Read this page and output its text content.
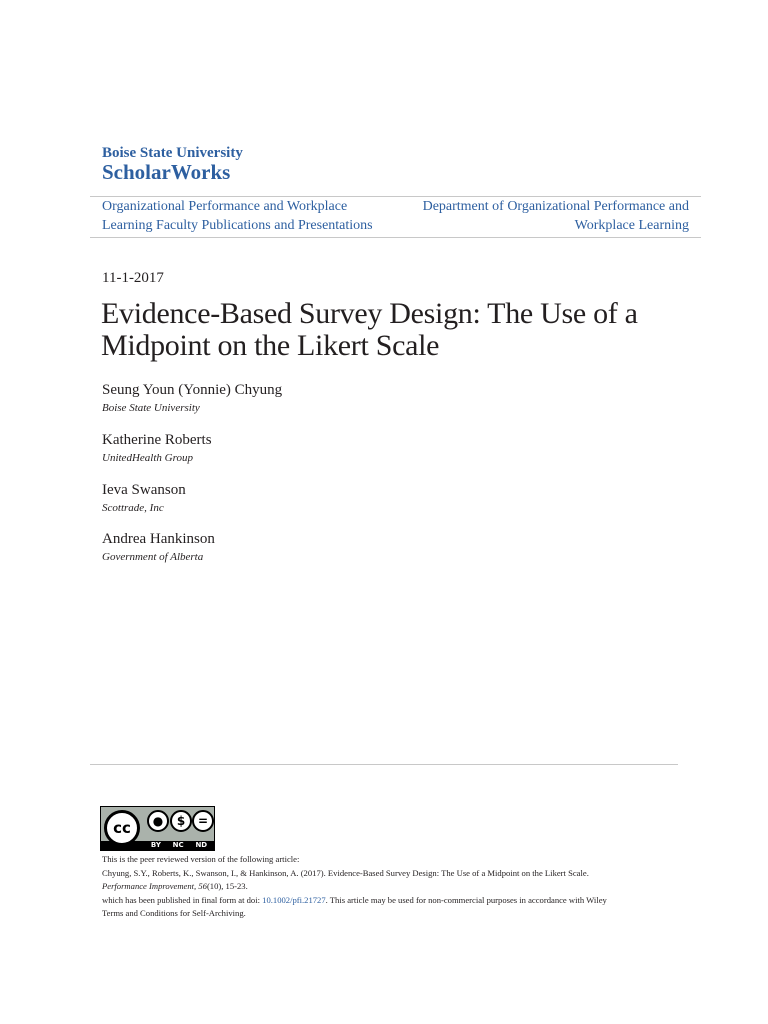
Boise State University
ScholarWorks
Organizational Performance and Workplace
Learning Faculty Publications and Presentations
Department of Organizational Performance and
Workplace Learning
11-1-2017
Evidence-Based Survey Design: The Use of a
Midpoint on the Likert Scale
Seung Youn (Yonnie) Chyung
Boise State University
Katherine Roberts
UnitedHealth Group
Ieva Swanson
Scottrade, Inc
Andrea Hankinson
Government of Alberta
cc	●	$	=
BY NC ND
This is the peer reviewed version of the following article:
Chyung, S.Y., Roberts, K., Swanson, I., & Hankinson, A. (2017). Evidence-Based Survey Design: The Use of a Midpoint on the Likert Scale.
Performance Improvement, 56(10), 15-23.
which has been published in final form at doi: 10.1002/pfi.21727. This article may be used for non-commercial purposes in accordance with Wiley
Terms and Conditions for Self-Archiving.
